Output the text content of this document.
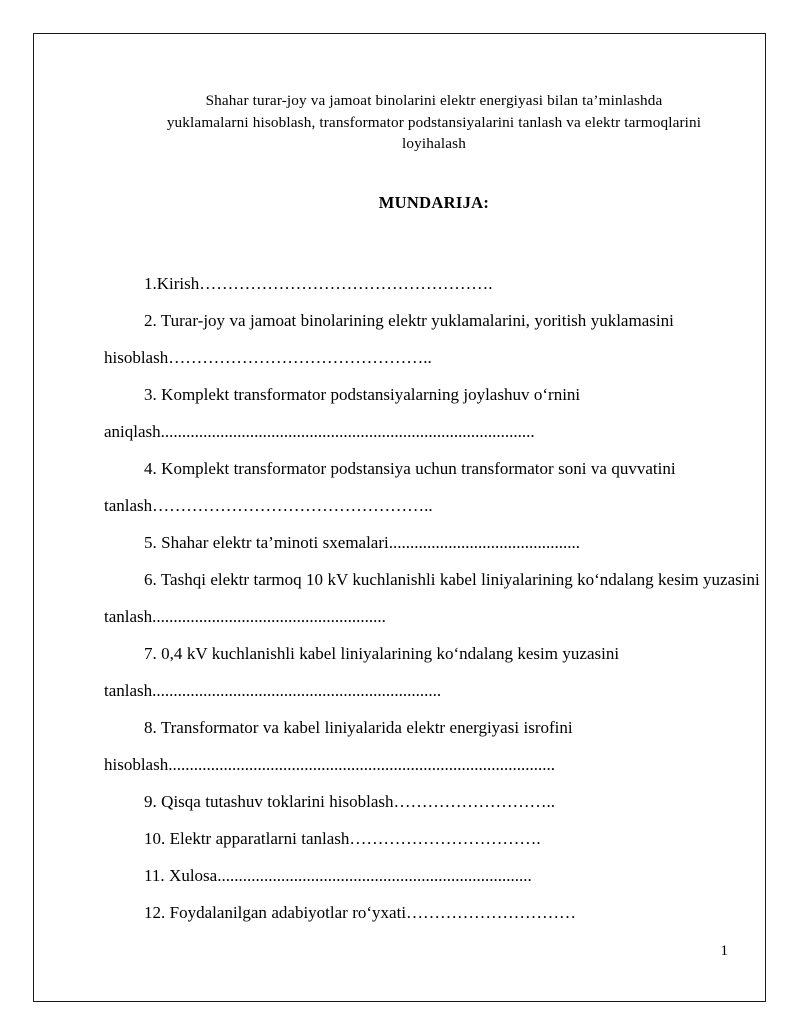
Shahar turar-joy va jamoat binolarini elektr energiyasi bilan ta’minlashda
yuklamalarni hisoblash, transformator podstansiyalarini tanlash va elektr tarmoqlarini
loyihalash
MUNDARIJA:

1.Kirish…………………………………………….

2. Turar-joy va jamoat binolarining elektr yuklamalarini, yoritish yuklamasini hisoblash………………………………………..

3. Komplekt transformator podstansiyalarning joylashuv oʻrnini aniqlash........................................................................................

4. Komplekt transformator podstansiya uchun transformator soni va quvvatini tanlash…………………………………………..

5. Shahar elektr ta’minoti sxemalari.............................................

6. Tashqi elektr tarmoq 10 kV kuchlanishli kabel liniyalarining koʻndalang kesim yuzasini tanlash.......................................................

7. 0,4 kV kuchlanishli kabel liniyalarining koʻndalang kesim yuzasini tanlash....................................................................

8. Transformator va kabel liniyalarida elektr energiyasi isrofini hisoblash...........................................................................................

9. Qisqa tutashuv toklarini hisoblash………………………..

10. Elektr apparatlarni tanlash…………………………….

11. Xulosa..........................................................................

12. Foydalanilgan adabiyotlar roʻyxati…………………………

1
